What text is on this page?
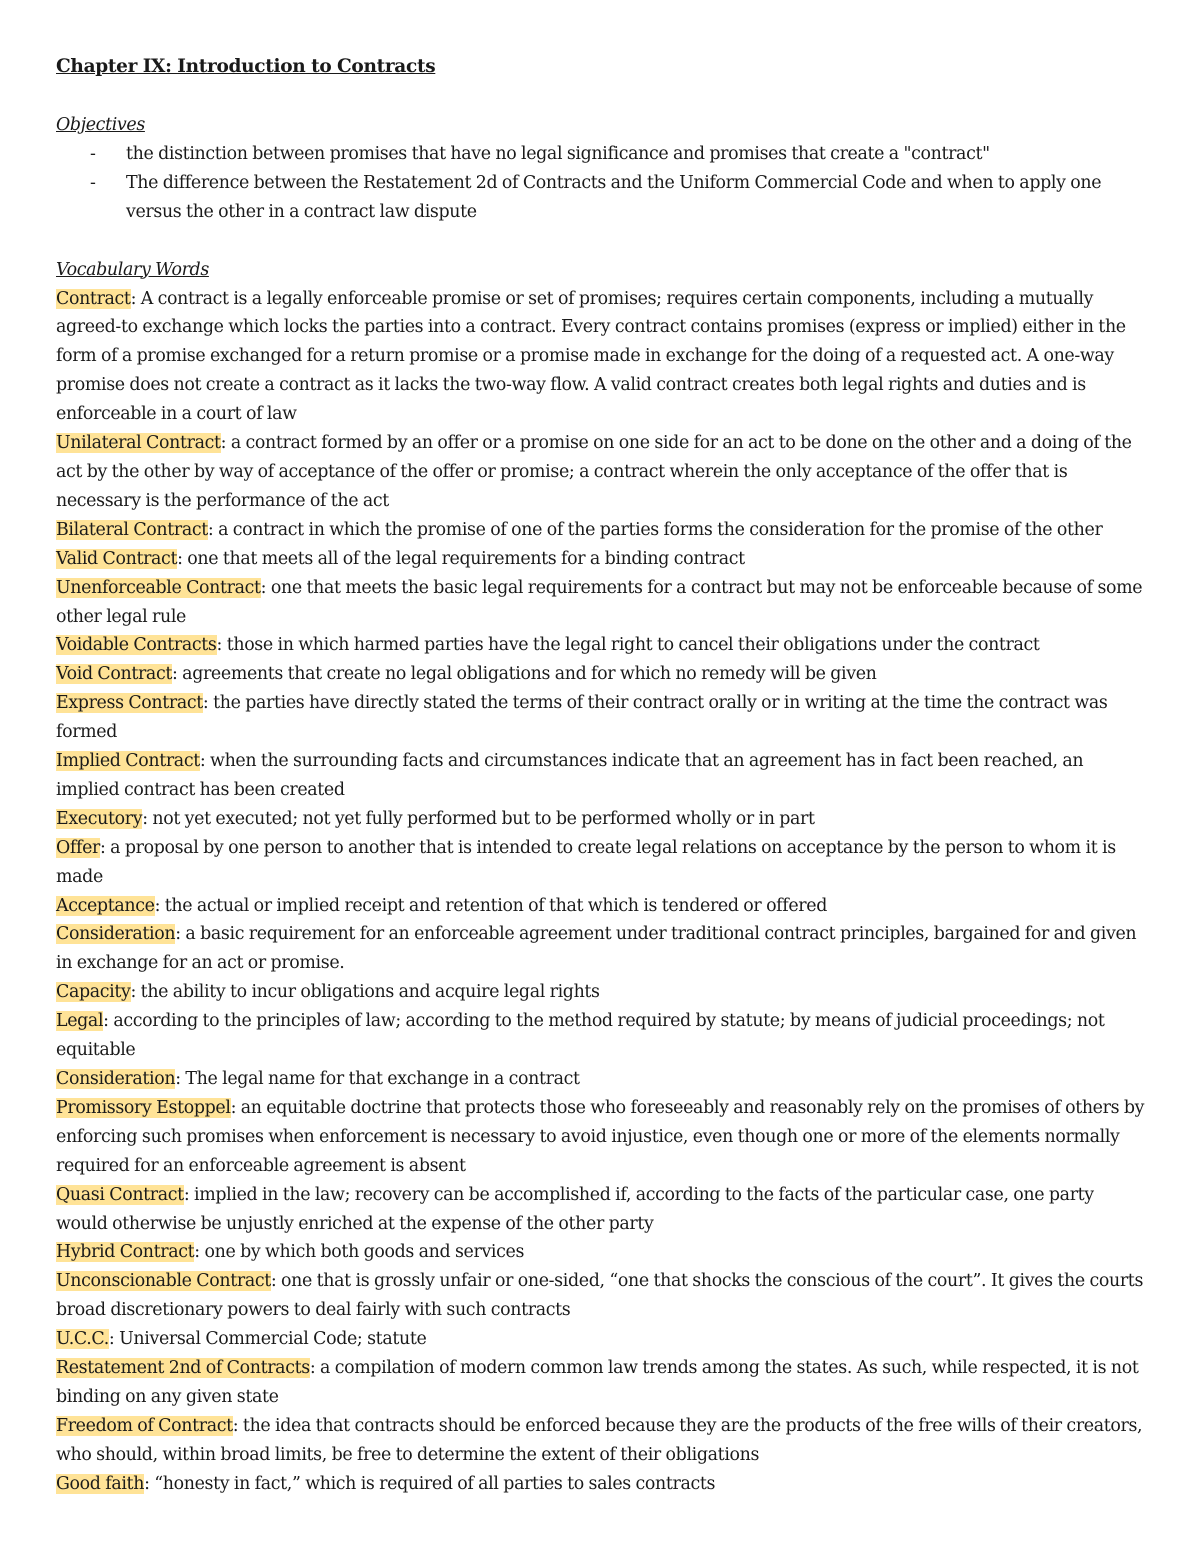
Chapter IX: Introduction to Contracts
Objectives
- the distinction between promises that have no legal significance and promises that create a "contract"
- The difference between the Restatement 2d of Contracts and the Uniform Commercial Code and when to apply one versus the other in a contract law dispute
Vocabulary Words

Contract: A contract is a legally enforceable promise or set of promises; requires certain components, including a mutually agreed-to exchange which locks the parties into a contract. Every contract contains promises (express or implied) either in the form of a promise exchanged for a return promise or a promise made in exchange for the doing of a requested act. A one-way promise does not create a contract as it lacks the two-way flow. A valid contract creates both legal rights and duties and is enforceable in a court of law

Unilateral Contract: a contract formed by an offer or a promise on one side for an act to be done on the other and a doing of the act by the other by way of acceptance of the offer or promise; a contract wherein the only acceptance of the offer that is necessary is the performance of the act

Bilateral Contract: a contract in which the promise of one of the parties forms the consideration for the promise of the other

Valid Contract: one that meets all of the legal requirements for a binding contract

Unenforceable Contract: one that meets the basic legal requirements for a contract but may not be enforceable because of some other legal rule

Voidable Contracts: those in which harmed parties have the legal right to cancel their obligations under the contract

Void Contract: agreements that create no legal obligations and for which no remedy will be given

Express Contract: the parties have directly stated the terms of their contract orally or in writing at the time the contract was formed

Implied Contract: when the surrounding facts and circumstances indicate that an agreement has in fact been reached, an implied contract has been created

Executory: not yet executed; not yet fully performed but to be performed wholly or in part

Offer: a proposal by one person to another that is intended to create legal relations on acceptance by the person to whom it is made

Acceptance: the actual or implied receipt and retention of that which is tendered or offered

Consideration: a basic requirement for an enforceable agreement under traditional contract principles, bargained for and given in exchange for an act or promise.

Capacity: the ability to incur obligations and acquire legal rights

Legal: according to the principles of law; according to the method required by statute; by means of judicial proceedings; not equitable

Consideration: The legal name for that exchange in a contract

Promissory Estoppel: an equitable doctrine that protects those who foreseeably and reasonably rely on the promises of others by enforcing such promises when enforcement is necessary to avoid injustice, even though one or more of the elements normally required for an enforceable agreement is absent

Quasi Contract: implied in the law; recovery can be accomplished if, according to the facts of the particular case, one party would otherwise be unjustly enriched at the expense of the other party

Hybrid Contract: one by which both goods and services

Unconscionable Contract: one that is grossly unfair or one-sided, “one that shocks the conscious of the court”. It gives the courts broad discretionary powers to deal fairly with such contracts

U.C.C.: Universal Commercial Code; statute

Restatement 2nd of Contracts: a compilation of modern common law trends among the states. As such, while respected, it is not binding on any given state

Freedom of Contract: the idea that contracts should be enforced because they are the products of the free wills of their creators, who should, within broad limits, be free to determine the extent of their obligations

Good faith: “honesty in fact,” which is required of all parties to sales contracts
